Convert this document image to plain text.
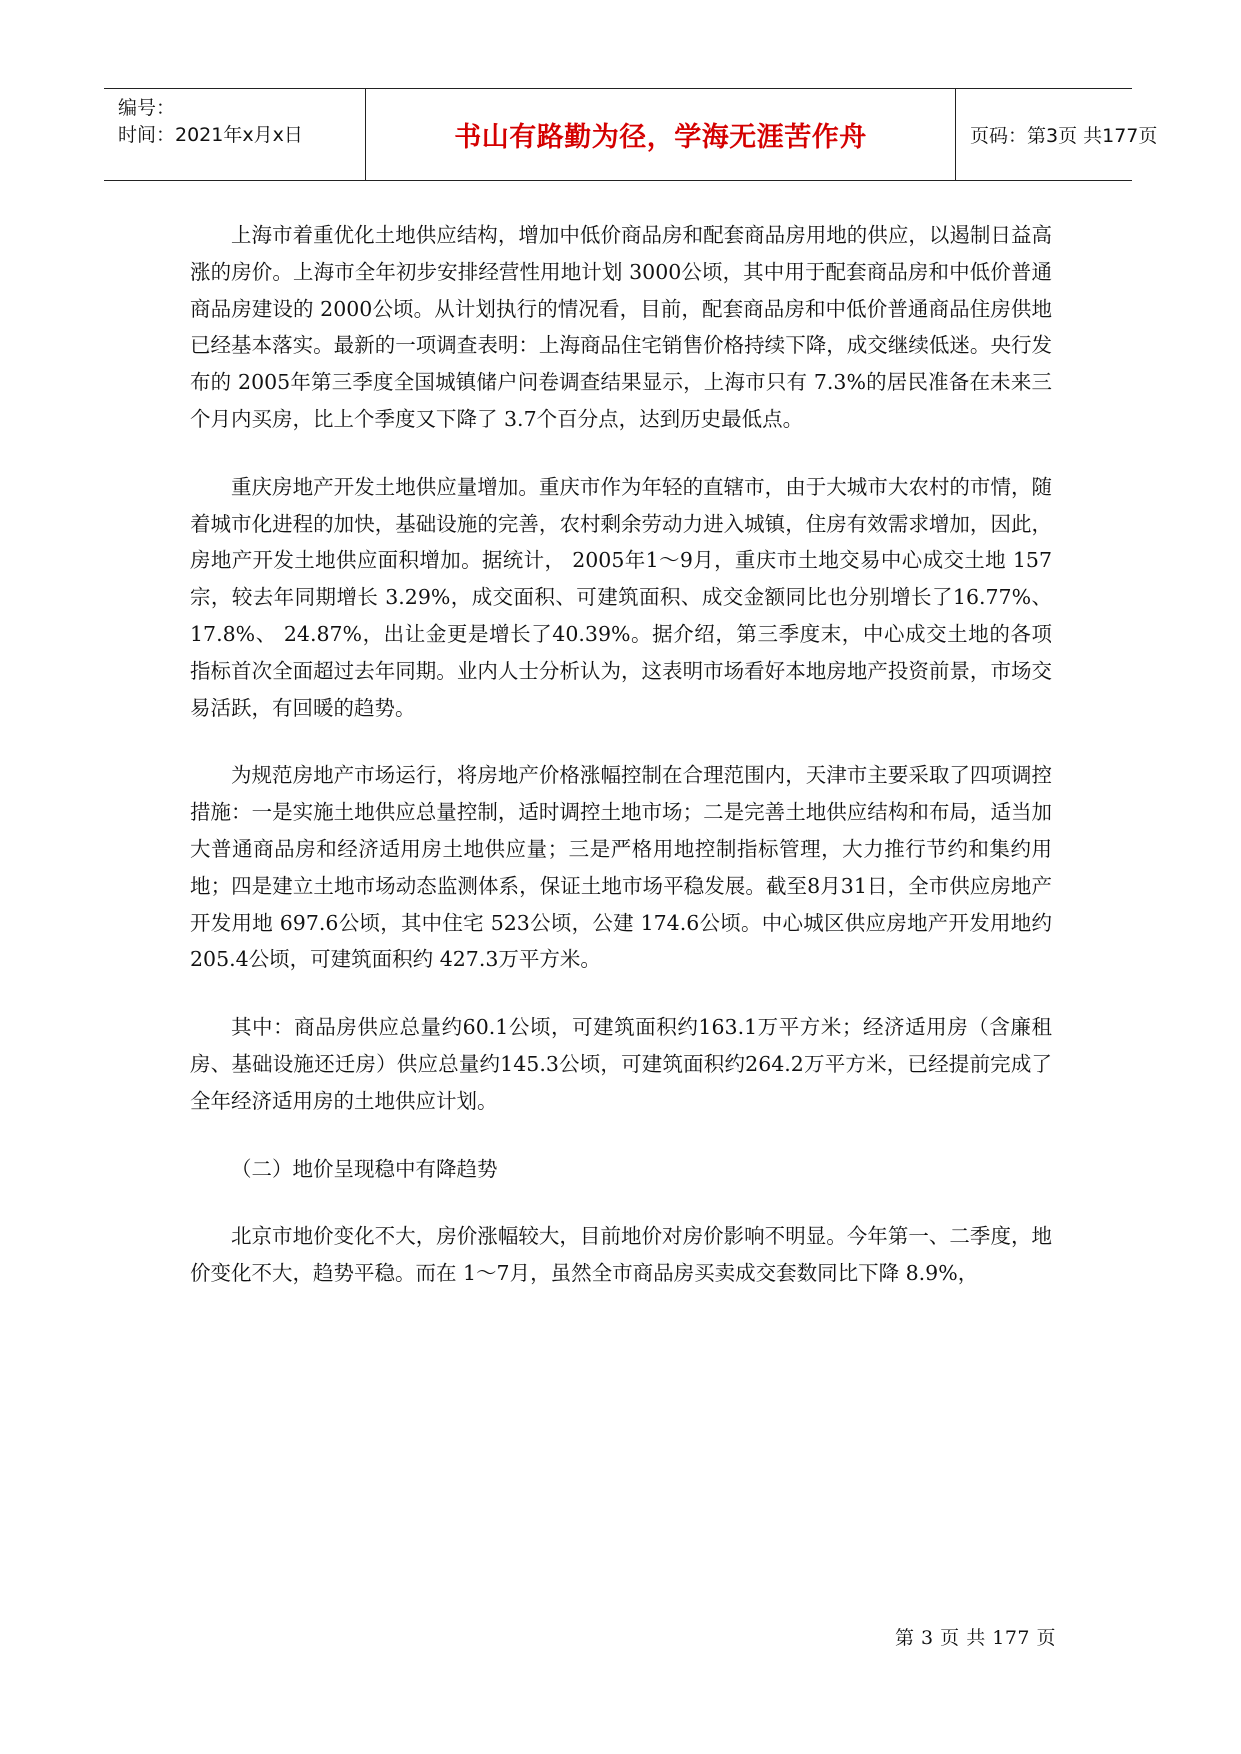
编号：
时间：2021年x月x日	书山有路勤为径，学海无涯苦作舟	页码：第3页 共177页

上海市着重优化土地供应结构，增加中低价商品房和配套商品房用地的供应，以遏制日益高涨的房价。上海市全年初步安排经营性用地计划 3000公顷，其中用于配套商品房和中低价普通商品房建设的 2000公顷。从计划执行的情况看，目前，配套商品房和中低价普通商品住房供地已经基本落实。最新的一项调查表明：上海商品住宅销售价格持续下降，成交继续低迷。央行发布的 2005年第三季度全国城镇储户问卷调查结果显示，上海市只有 7.3%的居民准备在未来三个月内买房，比上个季度又下降了 3.7个百分点，达到历史最低点。

重庆房地产开发土地供应量增加。重庆市作为年轻的直辖市，由于大城市大农村的市情，随着城市化进程的加快，基础设施的完善，农村剩余劳动力进入城镇，住房有效需求增加，因此，房地产开发土地供应面积增加。据统计， 2005年1～9月，重庆市土地交易中心成交土地 157宗，较去年同期增长 3.29%，成交面积、可建筑面积、成交金额同比也分别增长了16.77%、 17.8%、 24.87%，出让金更是增长了40.39%。据介绍，第三季度末，中心成交土地的各项指标首次全面超过去年同期。业内人士分析认为，这表明市场看好本地房地产投资前景，市场交易活跃，有回暖的趋势。

为规范房地产市场运行，将房地产价格涨幅控制在合理范围内，天津市主要采取了四项调控措施：一是实施土地供应总量控制，适时调控土地市场；二是完善土地供应结构和布局，适当加大普通商品房和经济适用房土地供应量；三是严格用地控制指标管理，大力推行节约和集约用地；四是建立土地市场动态监测体系，保证土地市场平稳发展。截至8月31日，全市供应房地产开发用地 697.6公顷，其中住宅 523公顷，公建 174.6公顷。中心城区供应房地产开发用地约 205.4公顷，可建筑面积约 427.3万平方米。

其中：商品房供应总量约60.1公顷，可建筑面积约163.1万平方米；经济适用房（含廉租房、基础设施还迁房）供应总量约145.3公顷，可建筑面积约264.2万平方米，已经提前完成了全年经济适用房的土地供应计划。

（二）地价呈现稳中有降趋势

北京市地价变化不大，房价涨幅较大，目前地价对房价影响不明显。今年第一、二季度，地价变化不大，趋势平稳。而在 1～7月，虽然全市商品房买卖成交套数同比下降 8.9%，

第 3 页 共 177 页
